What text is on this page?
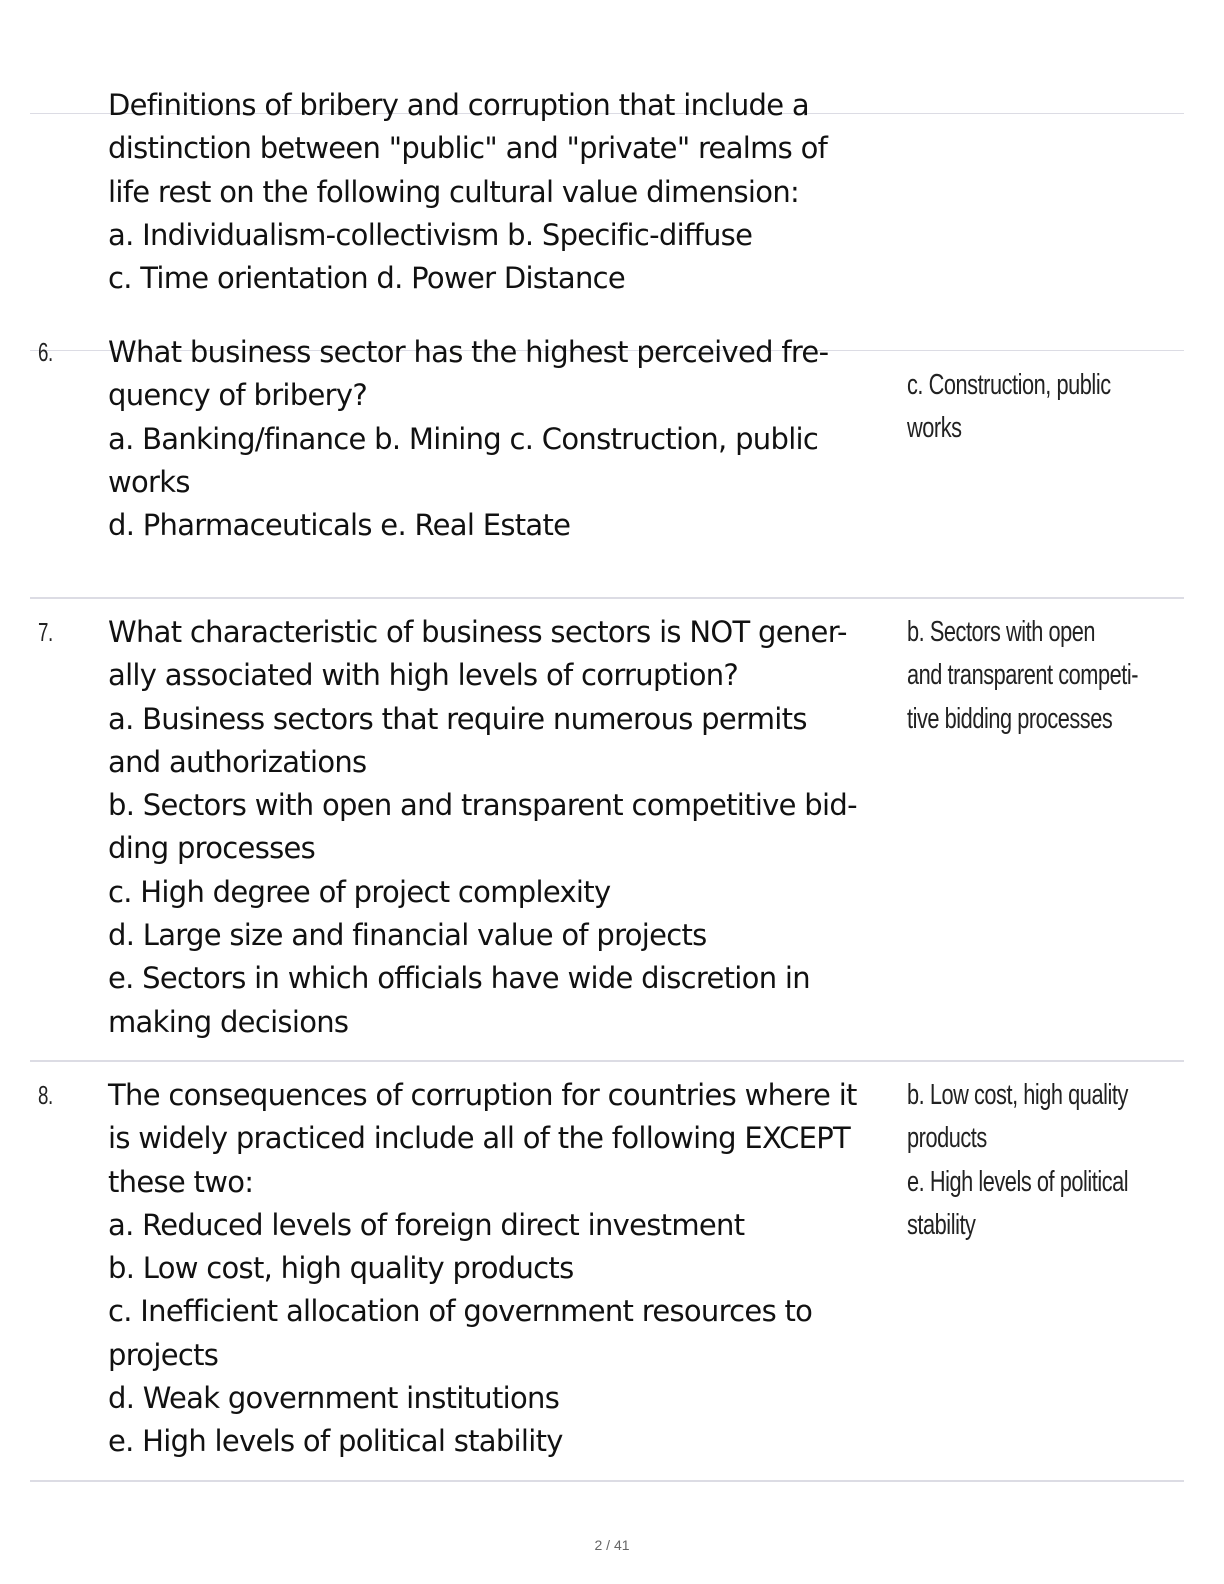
Definitions of bribery and corruption that include a
distinction between "public" and "private" realms of
life rest on the following cultural value dimension:
a. Individualism-collectivism b. Specific-diffuse
c. Time orientation d. Power Distance
6. What business sector has the highest perceived fre-
quency of bribery?
a. Banking/finance b. Mining c. Construction, public
works
d. Pharmaceuticals e. Real Estate
c. Construction, public
works
7. What characteristic of business sectors is NOT gener-
ally associated with high levels of corruption?
a. Business sectors that require numerous permits
and authorizations
b. Sectors with open and transparent competitive bid-
ding processes
c. High degree of project complexity
d. Large size and financial value of projects
e. Sectors in which officials have wide discretion in
making decisions
b. Sectors with open
and transparent competi-
tive bidding processes
8. The consequences of corruption for countries where it
is widely practiced include all of the following EXCEPT
these two:
a. Reduced levels of foreign direct investment
b. Low cost, high quality products
c. Inefficient allocation of government resources to
projects
d. Weak government institutions
e. High levels of political stability
b. Low cost, high quality
products
e. High levels of political
stability
2 / 41
